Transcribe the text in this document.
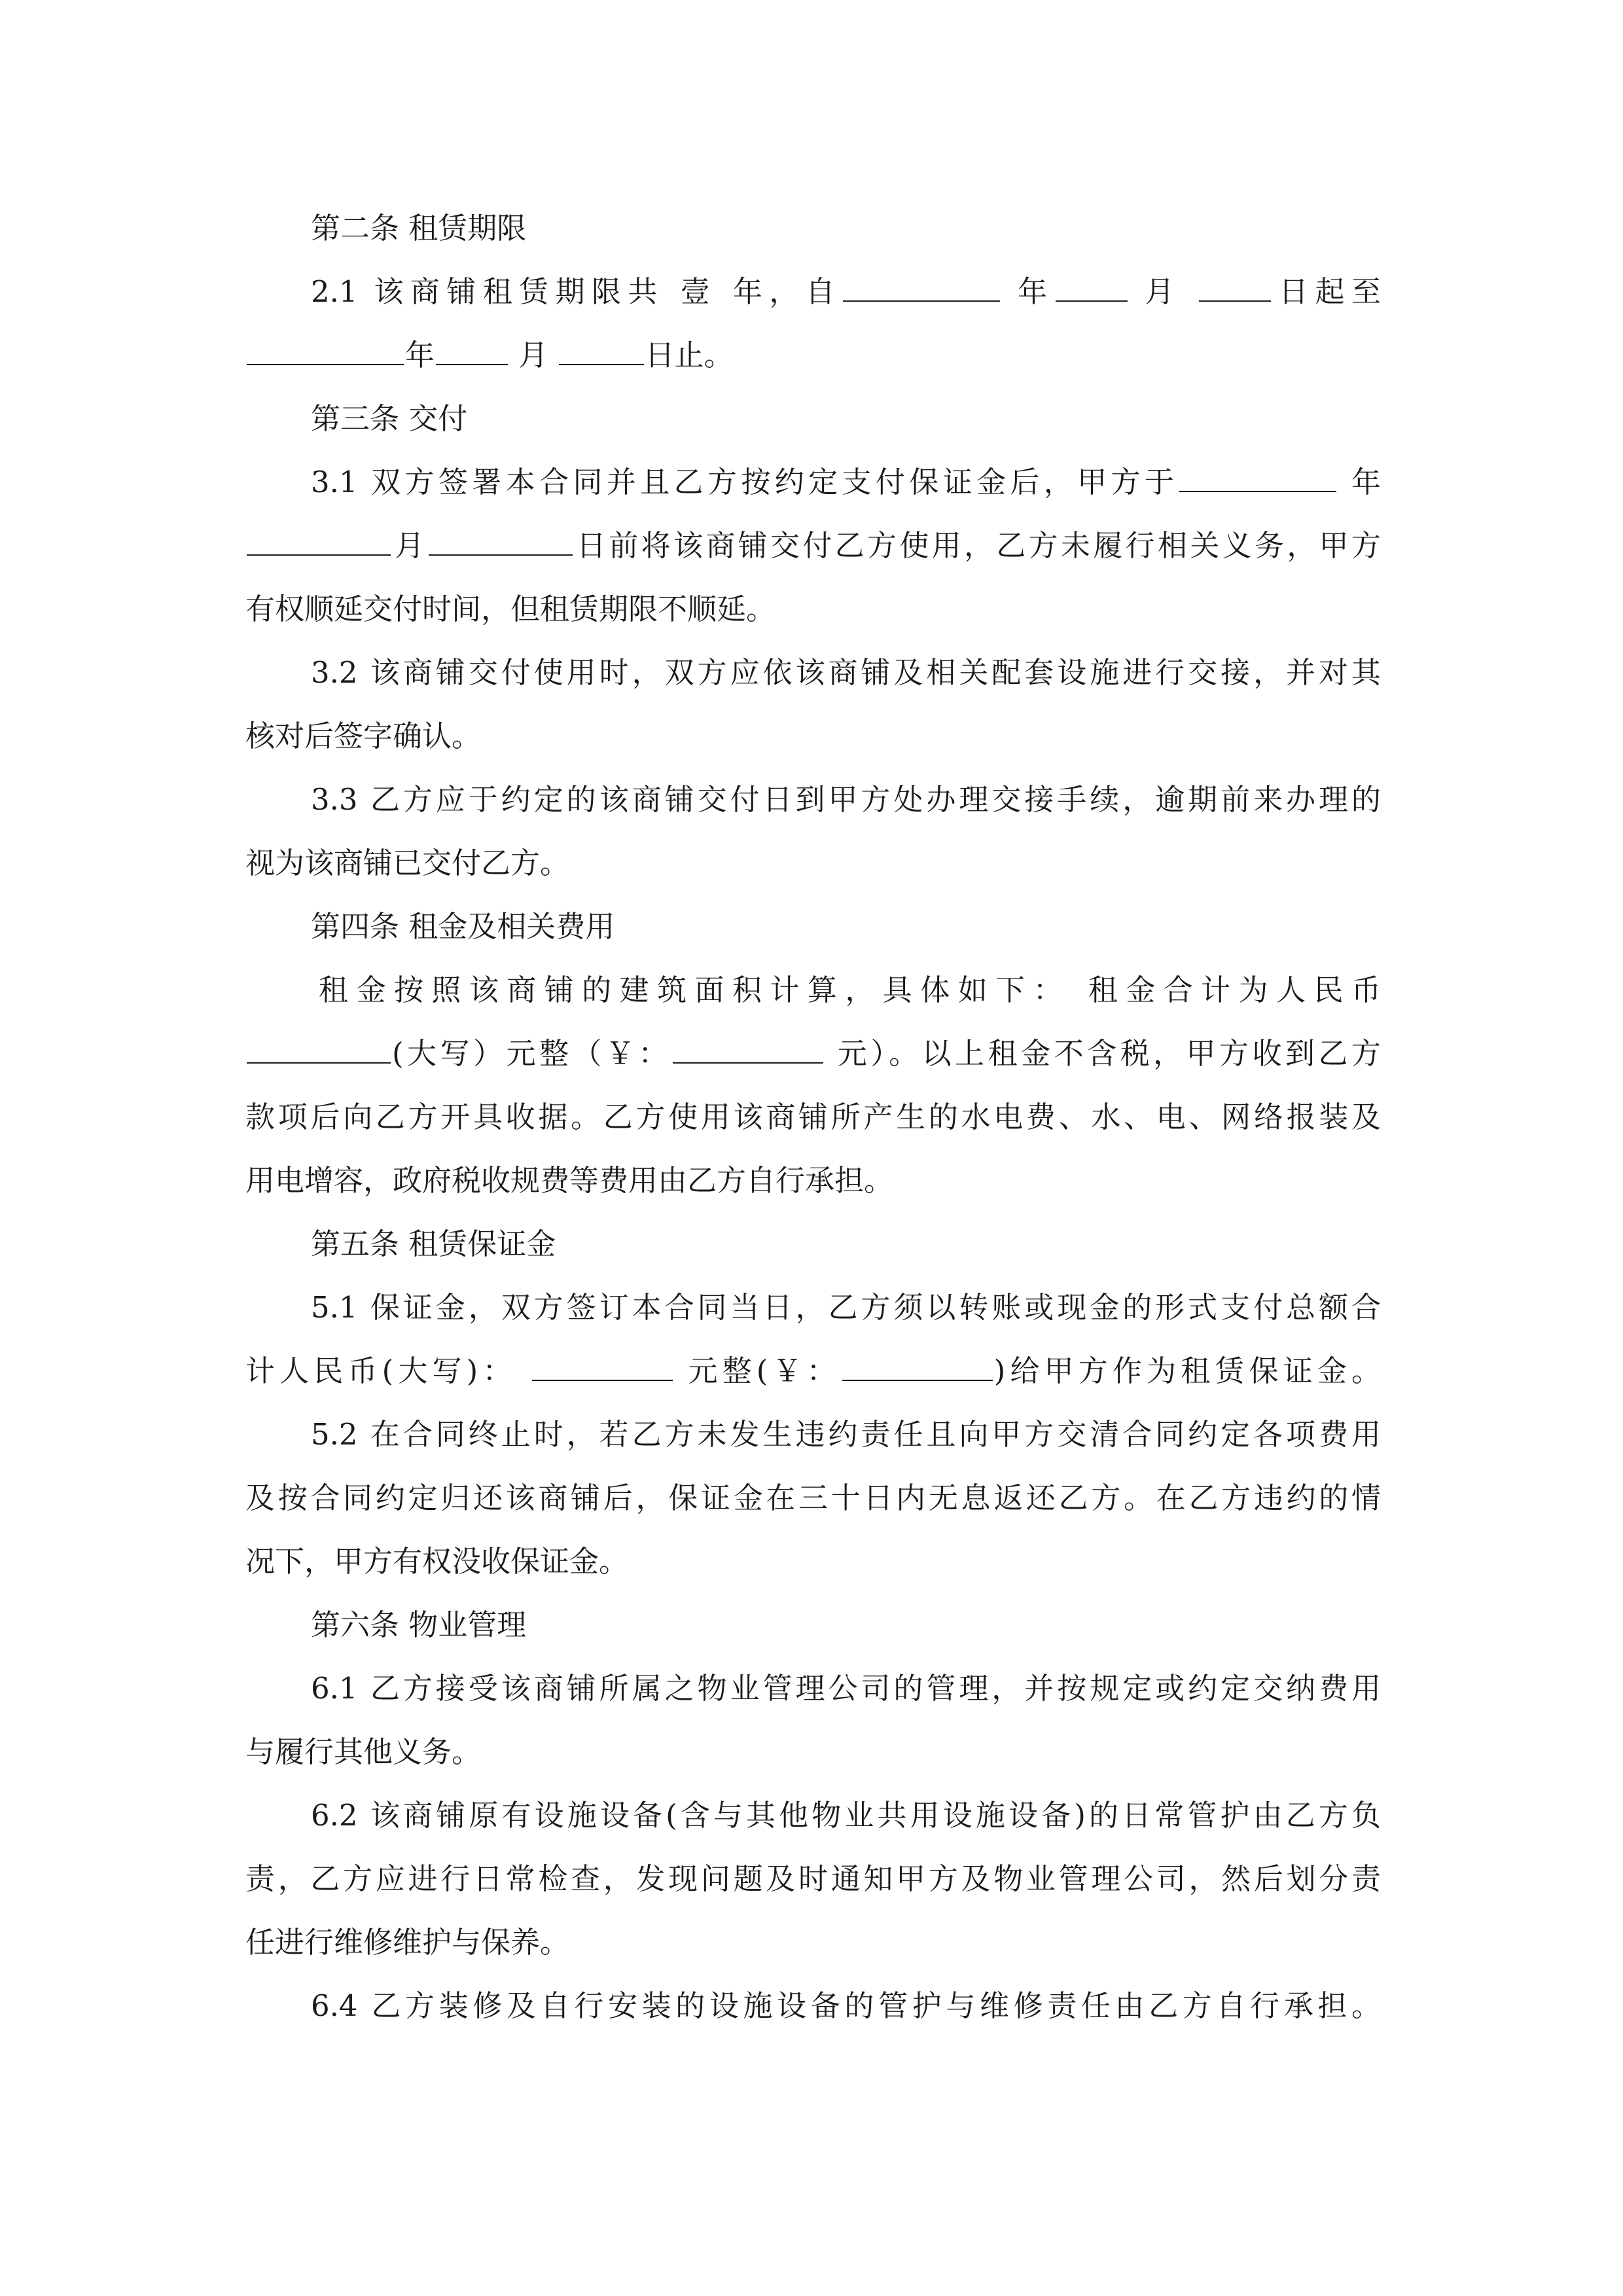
第二条 租赁期限
2.1 该商铺租赁期限共 壹 年，自	年	月	日起至
年	月	日止。
第三条 交付
3.1 双方签署本合同并且乙方按约定支付保证金后，甲方于	年
月	日前将该商铺交付乙方使用，乙方未履行相关义务，甲方
有权顺延交付时间，但租赁期限不顺延。
3.2 该商铺交付使用时，双方应依该商铺及相关配套设施进行交接，并对其
核对后签字确认。
3.3 乙方应于约定的该商铺交付日到甲方处办理交接手续，逾期前来办理的
视为该商铺已交付乙方。
第四条 租金及相关费用
租金按照该商铺的建筑面积计算，具体如下： 租金合计为人民币
(大写）元整（￥：	元）。以上租金不含税，甲方收到乙方
款项后向乙方开具收据。乙方使用该商铺所产生的水电费、水、电、网络报装及
用电增容，政府税收规费等费用由乙方自行承担。
第五条 租赁保证金
5.1 保证金，双方签订本合同当日，乙方须以转账或现金的形式支付总额合
计人民币(大写)：	元整(￥：	)给甲方作为租赁保证金。
5.2 在合同终止时，若乙方未发生违约责任且向甲方交清合同约定各项费用
及按合同约定归还该商铺后，保证金在三十日内无息返还乙方。在乙方违约的情
况下，甲方有权没收保证金。
第六条 物业管理
6.1 乙方接受该商铺所属之物业管理公司的管理，并按规定或约定交纳费用
与履行其他义务。
6.2 该商铺原有设施设备(含与其他物业共用设施设备)的日常管护由乙方负
责，乙方应进行日常检查，发现问题及时通知甲方及物业管理公司，然后划分责
任进行维修维护与保养。
6.4 乙方装修及自行安装的设施设备的管护与维修责任由乙方自行承担。
